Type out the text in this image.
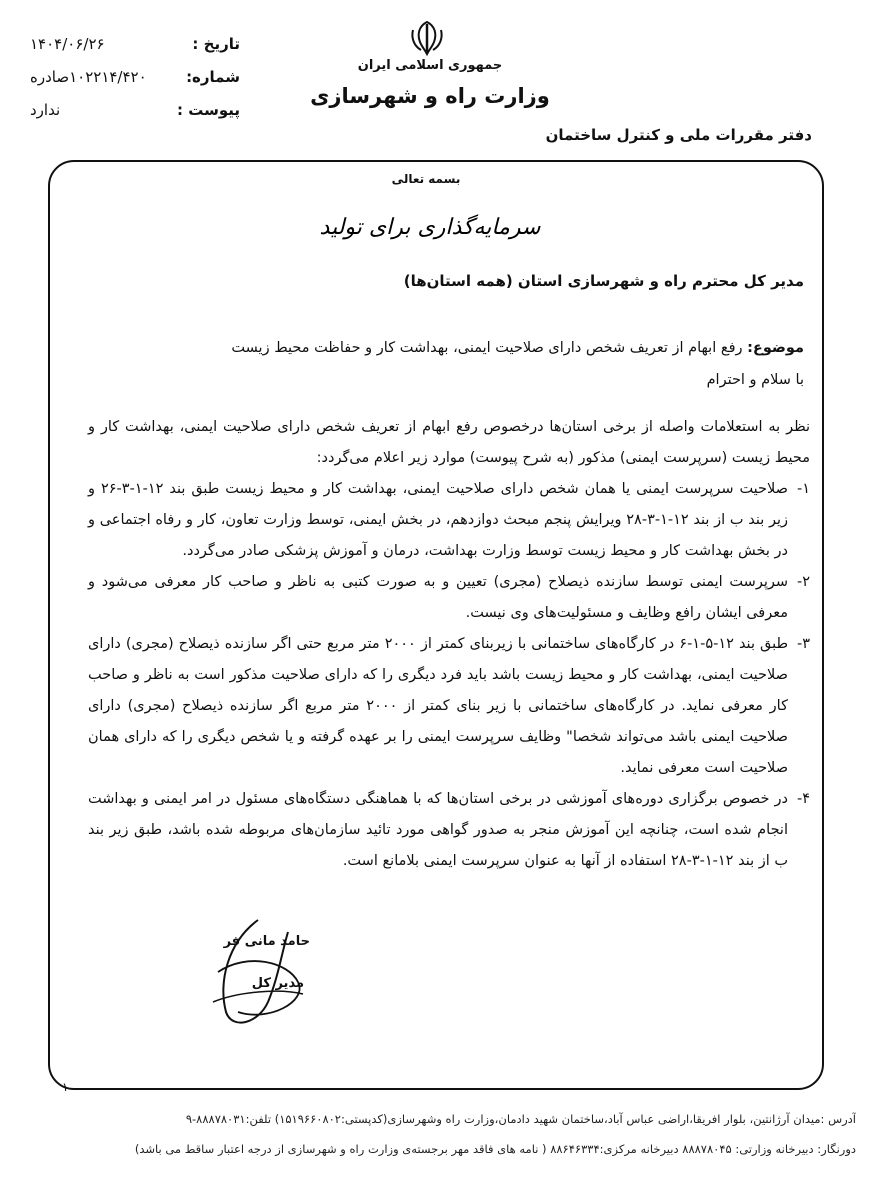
تاریخ :
۱۴۰۴/۰۶/۲۶
شماره:
۱۰۲۲۱۴/۴۲۰صادره
پیوست :
ندارد
جمهوری اسلامی ایران
وزارت راه و شهرسازی
دفتر مقررات ملی و کنترل ساختمان
بسمه تعالی
سرمایه‌گذاری برای تولید
مدیر کل محترم راه و شهرسازی استان (همه استان‌ها)
موضوع: رفع ابهام از تعریف شخص دارای صلاحیت ایمنی، بهداشت کار و حفاظت محیط زیست
با سلام و احترام

نظر به استعلامات واصله از برخی استان‌ها درخصوص رفع ابهام از تعریف شخص دارای صلاحیت ایمنی، بهداشت کار و محیط زیست (سرپرست ایمنی) مذکور (به شرح پیوست) موارد زیر اعلام می‌گردد:

۱-
صلاحیت سرپرست ایمنی یا همان شخص دارای صلاحیت ایمنی، بهداشت کار و محیط زیست طبق بند ۱۲-۱-۳-۲۶ و زیر بند ب از بند ۱۲-۱-۳-۲۸ ویرایش پنجم مبحث دوازدهم، در بخش ایمنی، توسط وزارت تعاون، کار و رفاه اجتماعی و در بخش بهداشت کار و محیط زیست توسط وزارت بهداشت، درمان و آموزش پزشکی صادر می‌گردد.
۲-
سرپرست ایمنی توسط سازنده ذیصلاح (مجری) تعیین و به صورت کتبی به ناظر و صاحب کار معرفی می‌شود و معرفی ایشان رافع وظایف و مسئولیت‌های وی نیست.
۳-
طبق بند ۱۲-۵-۱-۶ در کارگاه‌های ساختمانی با زیربنای کمتر از ۲۰۰۰ متر مربع حتی اگر سازنده ذیصلاح (مجری) دارای صلاحیت ایمنی، بهداشت کار و محیط زیست باشد باید فرد دیگری را که دارای صلاحیت مذکور است به ناظر و صاحب کار معرفی نماید. در کارگاه‌های ساختمانی با زیر بنای کمتر از ۲۰۰۰ متر مربع اگر سازنده ذیصلاح (مجری) دارای صلاحیت ایمنی باشد می‌تواند شخصا" وظایف سرپرست ایمنی را بر عهده گرفته و یا شخص دیگری را که دارای همان صلاحیت است معرفی نماید.
۴-
در خصوص برگزاری دوره‌های آموزشی در برخی استان‌ها که با هماهنگی دستگاه‌های مسئول در امر ایمنی و بهداشت انجام شده است، چنانچه این آموزش منجر به صدور گواهی مورد تائید سازمان‌های مربوطه شده باشد، طبق زیر بند ب از بند ۱۲-۱-۳-۲۸ استفاده از آنها به عنوان سرپرست ایمنی بلامانع است.
حامد مانی فر
مدیر کل
۱
آدرس :میدان آرژانتین، بلوار افریقا،اراضی عباس آباد،ساختمان شهید دادمان،وزارت راه وشهرسازی(کدپستی:۱۵۱۹۶۶۰۸۰۲) تلفن:۸۸۸۷۸۰۳۱-۹
دورنگار: دبیرخانه وزارتی: ۸۸۸۷۸۰۴۵ دبیرخانه مرکزی:۸۸۶۴۶۳۳۴ ( نامه های فاقد مهر برجسته‌ی وزارت راه و شهرسازی از درجه اعتبار ساقط می باشد)
